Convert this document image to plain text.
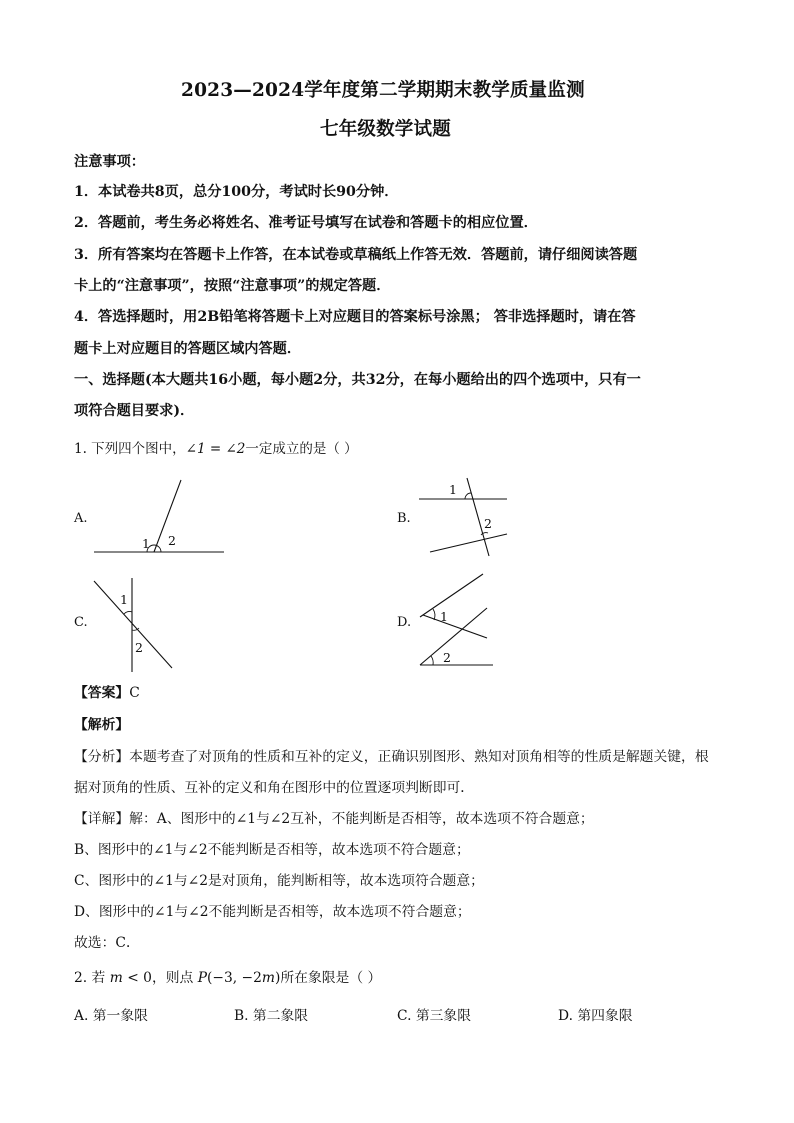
2023—2024学年度第二学期期末教学质量监测
七年级数学试题
注意事项：
1．本试卷共8页，总分100分，考试时长90分钟．
2．答题前，考生务必将姓名、准考证号填写在试卷和答题卡的相应位置．
3．所有答案均在答题卡上作答，在本试卷或草稿纸上作答无效．答题前，请仔细阅读答题
卡上的“注意事项”，按照“注意事项”的规定答题．
4．答选择题时，用2B铅笔将答题卡上对应题目的答案标号涂黑； 答非选择题时，请在答
题卡上对应题目的答题区域内答题．
一、选择题(本大题共16小题，每小题2分，共32分，在每小题给出的四个选项中，只有一
项符合题目要求)．
1. 下列四个图中，∠1 = ∠2一定成立的是（ ）
A.	B.
C.	D.
1 2
1
2
1
2
1
2
【答案】C
【解析】
【分析】本题考查了对顶角的性质和互补的定义，正确识别图形、熟知对顶角相等的性质是解题关键，根
据对顶角的性质、互补的定义和角在图形中的位置逐项判断即可．
【详解】解：A、图形中的∠1与∠2互补，不能判断是否相等，故本选项不符合题意；
B、图形中的∠1与∠2不能判断是否相等，故本选项不符合题意；
C、图形中的∠1与∠2是对顶角，能判断相等，故本选项符合题意；
D、图形中的∠1与∠2不能判断是否相等，故本选项不符合题意；
故选：C．
2. 若 m < 0，则点 P(−3, −2m)所在象限是（ ）
A. 第一象限	B. 第二象限	C. 第三象限	D. 第四象限
